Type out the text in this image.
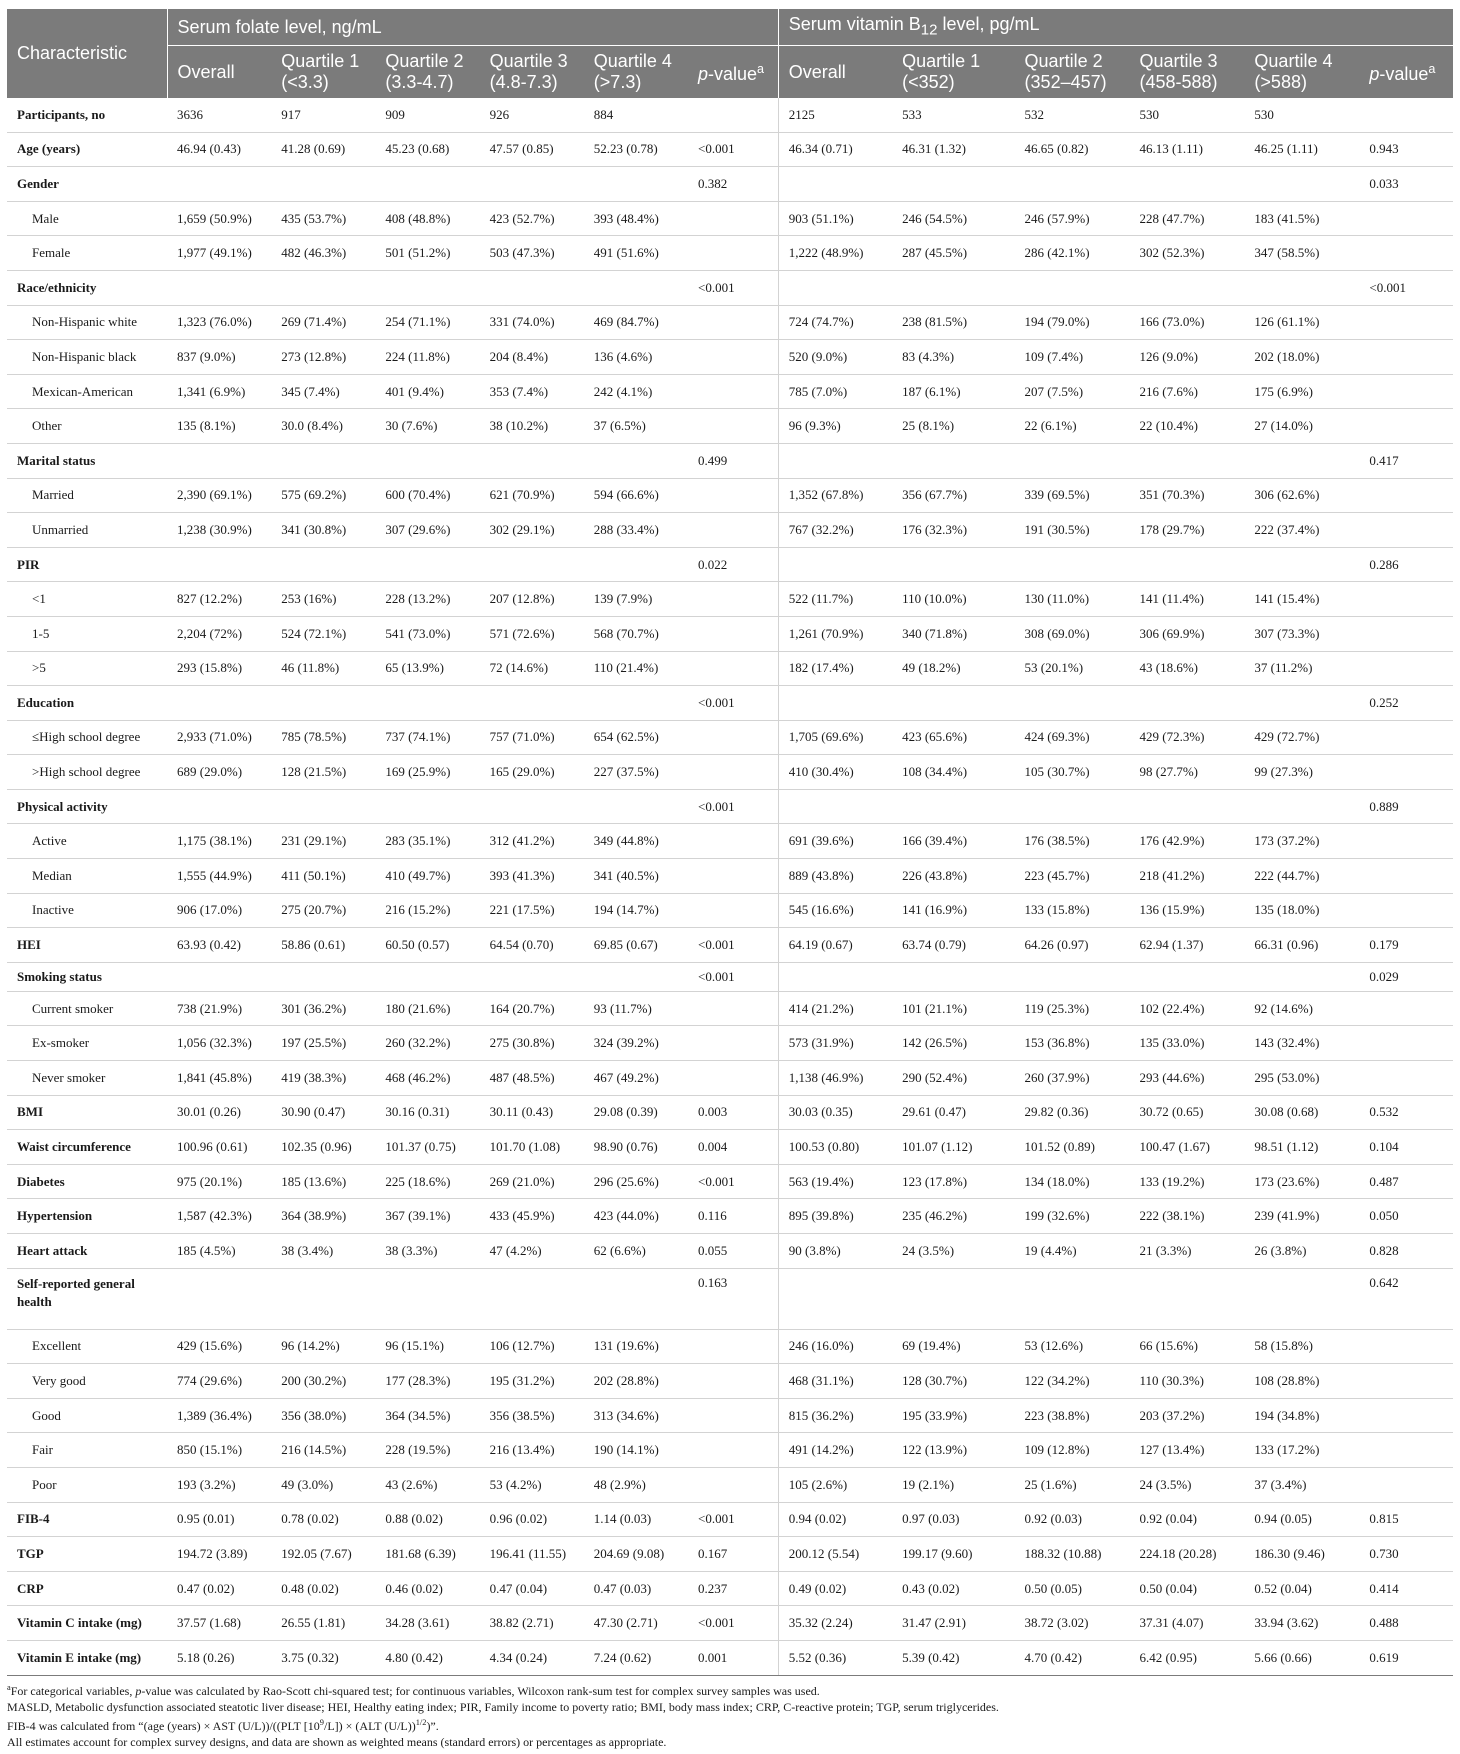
Characteristic	Serum folate level, ng/mL						Serum vitamin $B_{12}$ level, pg/mL					
	Overall	Quartile 1 (<3.3)	Quartile 2 (3.3-4.7)	Quartile 3 (4.8-7.3)	Quartile 4 (>7.3)	p-value$^a$	Overall	Quartile 1 (<352)	Quartile 2 (352–457)	Quartile 3 (458-588)	Quartile 4 (>588)	p-value$^a$
Participants, no	3636	917	909	926	884		2125	533	532	530	530	
Age (years)	46.94 (0.43)	41.28 (0.69)	45.23 (0.68)	47.57 (0.85)	52.23 (0.78)	<0.001	46.34 (0.71)	46.31 (1.32)	46.65 (0.82)	46.13 (1.11)	46.25 (1.11)	0.943
Gender						0.382						0.033
Male	1,659 (50.9%)	435 (53.7%)	408 (48.8%)	423 (52.7%)	393 (48.4%)		903 (51.1%)	246 (54.5%)	246 (57.9%)	228 (47.7%)	183 (41.5%)	
Female	1,977 (49.1%)	482 (46.3%)	501 (51.2%)	503 (47.3%)	491 (51.6%)		1,222 (48.9%)	287 (45.5%)	286 (42.1%)	302 (52.3%)	347 (58.5%)	
Race/ethnicity						<0.001						<0.001
Non-Hispanic white	1,323 (76.0%)	269 (71.4%)	254 (71.1%)	331 (74.0%)	469 (84.7%)		724 (74.7%)	238 (81.5%)	194 (79.0%)	166 (73.0%)	126 (61.1%)	
Non-Hispanic black	837 (9.0%)	273 (12.8%)	224 (11.8%)	204 (8.4%)	136 (4.6%)		520 (9.0%)	83 (4.3%)	109 (7.4%)	126 (9.0%)	202 (18.0%)	
Mexican-American	1,341 (6.9%)	345 (7.4%)	401 (9.4%)	353 (7.4%)	242 (4.1%)		785 (7.0%)	187 (6.1%)	207 (7.5%)	216 (7.6%)	175 (6.9%)	
Other	135 (8.1%)	30.0 (8.4%)	30 (7.6%)	38 (10.2%)	37 (6.5%)		96 (9.3%)	25 (8.1%)	22 (6.1%)	22 (10.4%)	27 (14.0%)	
Marital status						0.499						0.417
Married	2,390 (69.1%)	575 (69.2%)	600 (70.4%)	621 (70.9%)	594 (66.6%)		1,352 (67.8%)	356 (67.7%)	339 (69.5%)	351 (70.3%)	306 (62.6%)	
Unmarried	1,238 (30.9%)	341 (30.8%)	307 (29.6%)	302 (29.1%)	288 (33.4%)		767 (32.2%)	176 (32.3%)	191 (30.5%)	178 (29.7%)	222 (37.4%)	
PIR						0.022						0.286
<1	827 (12.2%)	253 (16%)	228 (13.2%)	207 (12.8%)	139 (7.9%)		522 (11.7%)	110 (10.0%)	130 (11.0%)	141 (11.4%)	141 (15.4%)	
1-5	2,204 (72%)	524 (72.1%)	541 (73.0%)	571 (72.6%)	568 (70.7%)		1,261 (70.9%)	340 (71.8%)	308 (69.0%)	306 (69.9%)	307 (73.3%)	
>5	293 (15.8%)	46 (11.8%)	65 (13.9%)	72 (14.6%)	110 (21.4%)		182 (17.4%)	49 (18.2%)	53 (20.1%)	43 (18.6%)	37 (11.2%)	
Education						<0.001						0.252
≤High school degree	2,933 (71.0%)	785 (78.5%)	737 (74.1%)	757 (71.0%)	654 (62.5%)		1,705 (69.6%)	423 (65.6%)	424 (69.3%)	429 (72.3%)	429 (72.7%)	
>High school degree	689 (29.0%)	128 (21.5%)	169 (25.9%)	165 (29.0%)	227 (37.5%)		410 (30.4%)	108 (34.4%)	105 (30.7%)	98 (27.7%)	99 (27.3%)	
Physical activity						<0.001						0.889
Active	1,175 (38.1%)	231 (29.1%)	283 (35.1%)	312 (41.2%)	349 (44.8%)		691 (39.6%)	166 (39.4%)	176 (38.5%)	176 (42.9%)	173 (37.2%)	
Median	1,555 (44.9%)	411 (50.1%)	410 (49.7%)	393 (41.3%)	341 (40.5%)		889 (43.8%)	226 (43.8%)	223 (45.7%)	218 (41.2%)	222 (44.7%)	
Inactive	906 (17.0%)	275 (20.7%)	216 (15.2%)	221 (17.5%)	194 (14.7%)		545 (16.6%)	141 (16.9%)	133 (15.8%)	136 (15.9%)	135 (18.0%)	
HEI	63.93 (0.42)	58.86 (0.61)	60.50 (0.57)	64.54 (0.70)	69.85 (0.67)	<0.001	64.19 (0.67)	63.74 (0.79)	64.26 (0.97)	62.94 (1.37)	66.31 (0.96)	0.179
Smoking status						<0.001						0.029
Current smoker	738 (21.9%)	301 (36.2%)	180 (21.6%)	164 (20.7%)	93 (11.7%)		414 (21.2%)	101 (21.1%)	119 (25.3%)	102 (22.4%)	92 (14.6%)	
Ex-smoker	1,056 (32.3%)	197 (25.5%)	260 (32.2%)	275 (30.8%)	324 (39.2%)		573 (31.9%)	142 (26.5%)	153 (36.8%)	135 (33.0%)	143 (32.4%)	
Never smoker	1,841 (45.8%)	419 (38.3%)	468 (46.2%)	487 (48.5%)	467 (49.2%)		1,138 (46.9%)	290 (52.4%)	260 (37.9%)	293 (44.6%)	295 (53.0%)	
BMI	30.01 (0.26)	30.90 (0.47)	30.16 (0.31)	30.11 (0.43)	29.08 (0.39)	0.003	30.03 (0.35)	29.61 (0.47)	29.82 (0.36)	30.72 (0.65)	30.08 (0.68)	0.532
Waist circumference	100.96 (0.61)	102.35 (0.96)	101.37 (0.75)	101.70 (1.08)	98.90 (0.76)	0.004	100.53 (0.80)	101.07 (1.12)	101.52 (0.89)	100.47 (1.67)	98.51 (1.12)	0.104
Diabetes	975 (20.1%)	185 (13.6%)	225 (18.6%)	269 (21.0%)	296 (25.6%)	<0.001	563 (19.4%)	123 (17.8%)	134 (18.0%)	133 (19.2%)	173 (23.6%)	0.487
Hypertension	1,587 (42.3%)	364 (38.9%)	367 (39.1%)	433 (45.9%)	423 (44.0%)	0.116	895 (39.8%)	235 (46.2%)	199 (32.6%)	222 (38.1%)	239 (41.9%)	0.050
Heart attack	185 (4.5%)	38 (3.4%)	38 (3.3%)	47 (4.2%)	62 (6.6%)	0.055	90 (3.8%)	24 (3.5%)	19 (4.4%)	21 (3.3%)	26 (3.8%)	0.828
Self-reported general health						0.163						0.642
Excellent	429 (15.6%)	96 (14.2%)	96 (15.1%)	106 (12.7%)	131 (19.6%)		246 (16.0%)	69 (19.4%)	53 (12.6%)	66 (15.6%)	58 (15.8%)	
Very good	774 (29.6%)	200 (30.2%)	177 (28.3%)	195 (31.2%)	202 (28.8%)		468 (31.1%)	128 (30.7%)	122 (34.2%)	110 (30.3%)	108 (28.8%)	
Good	1,389 (36.4%)	356 (38.0%)	364 (34.5%)	356 (38.5%)	313 (34.6%)		815 (36.2%)	195 (33.9%)	223 (38.8%)	203 (37.2%)	194 (34.8%)	
Fair	850 (15.1%)	216 (14.5%)	228 (19.5%)	216 (13.4%)	190 (14.1%)		491 (14.2%)	122 (13.9%)	109 (12.8%)	127 (13.4%)	133 (17.2%)	
Poor	193 (3.2%)	49 (3.0%)	43 (2.6%)	53 (4.2%)	48 (2.9%)		105 (2.6%)	19 (2.1%)	25 (1.6%)	24 (3.5%)	37 (3.4%)	
FIB-4	0.95 (0.01)	0.78 (0.02)	0.88 (0.02)	0.96 (0.02)	1.14 (0.03)	<0.001	0.94 (0.02)	0.97 (0.03)	0.92 (0.03)	0.92 (0.04)	0.94 (0.05)	0.815
TGP	194.72 (3.89)	192.05 (7.67)	181.68 (6.39)	196.41 (11.55)	204.69 (9.08)	0.167	200.12 (5.54)	199.17 (9.60)	188.32 (10.88)	224.18 (20.28)	186.30 (9.46)	0.730
CRP	0.47 (0.02)	0.48 (0.02)	0.46 (0.02)	0.47 (0.04)	0.47 (0.03)	0.237	0.49 (0.02)	0.43 (0.02)	0.50 (0.05)	0.50 (0.04)	0.52 (0.04)	0.414
Vitamin C intake (mg)	37.57 (1.68)	26.55 (1.81)	34.28 (3.61)	38.82 (2.71)	47.30 (2.71)	<0.001	35.32 (2.24)	31.47 (2.91)	38.72 (3.02)	37.31 (4.07)	33.94 (3.62)	0.488
Vitamin E intake (mg)	5.18 (0.26)	3.75 (0.32)	4.80 (0.42)	4.34 (0.24)	7.24 (0.62)	0.001	5.52 (0.36)	5.39 (0.42)	4.70 (0.42)	6.42 (0.95)	5.66 (0.66)	0.619

$^a$For categorical variables, p-value was calculated by Rao-Scott chi-squared test; for continuous variables, Wilcoxon rank-sum test for complex survey samples was used.

MASLD, Metabolic dysfunction associated steatotic liver disease; HEI, Healthy eating index; PIR, Family income to poverty ratio; BMI, body mass index; CRP, C-reactive protein; TGP, serum triglycerides.

FIB-4 was calculated from “(age (years) × AST (U/L))/((PLT $[10^9/L]) \times (ALT$ (U/L))$^{1/2}$)”.

All estimates account for complex survey designs, and data are shown as weighted means (standard errors) or percentages as appropriate.
